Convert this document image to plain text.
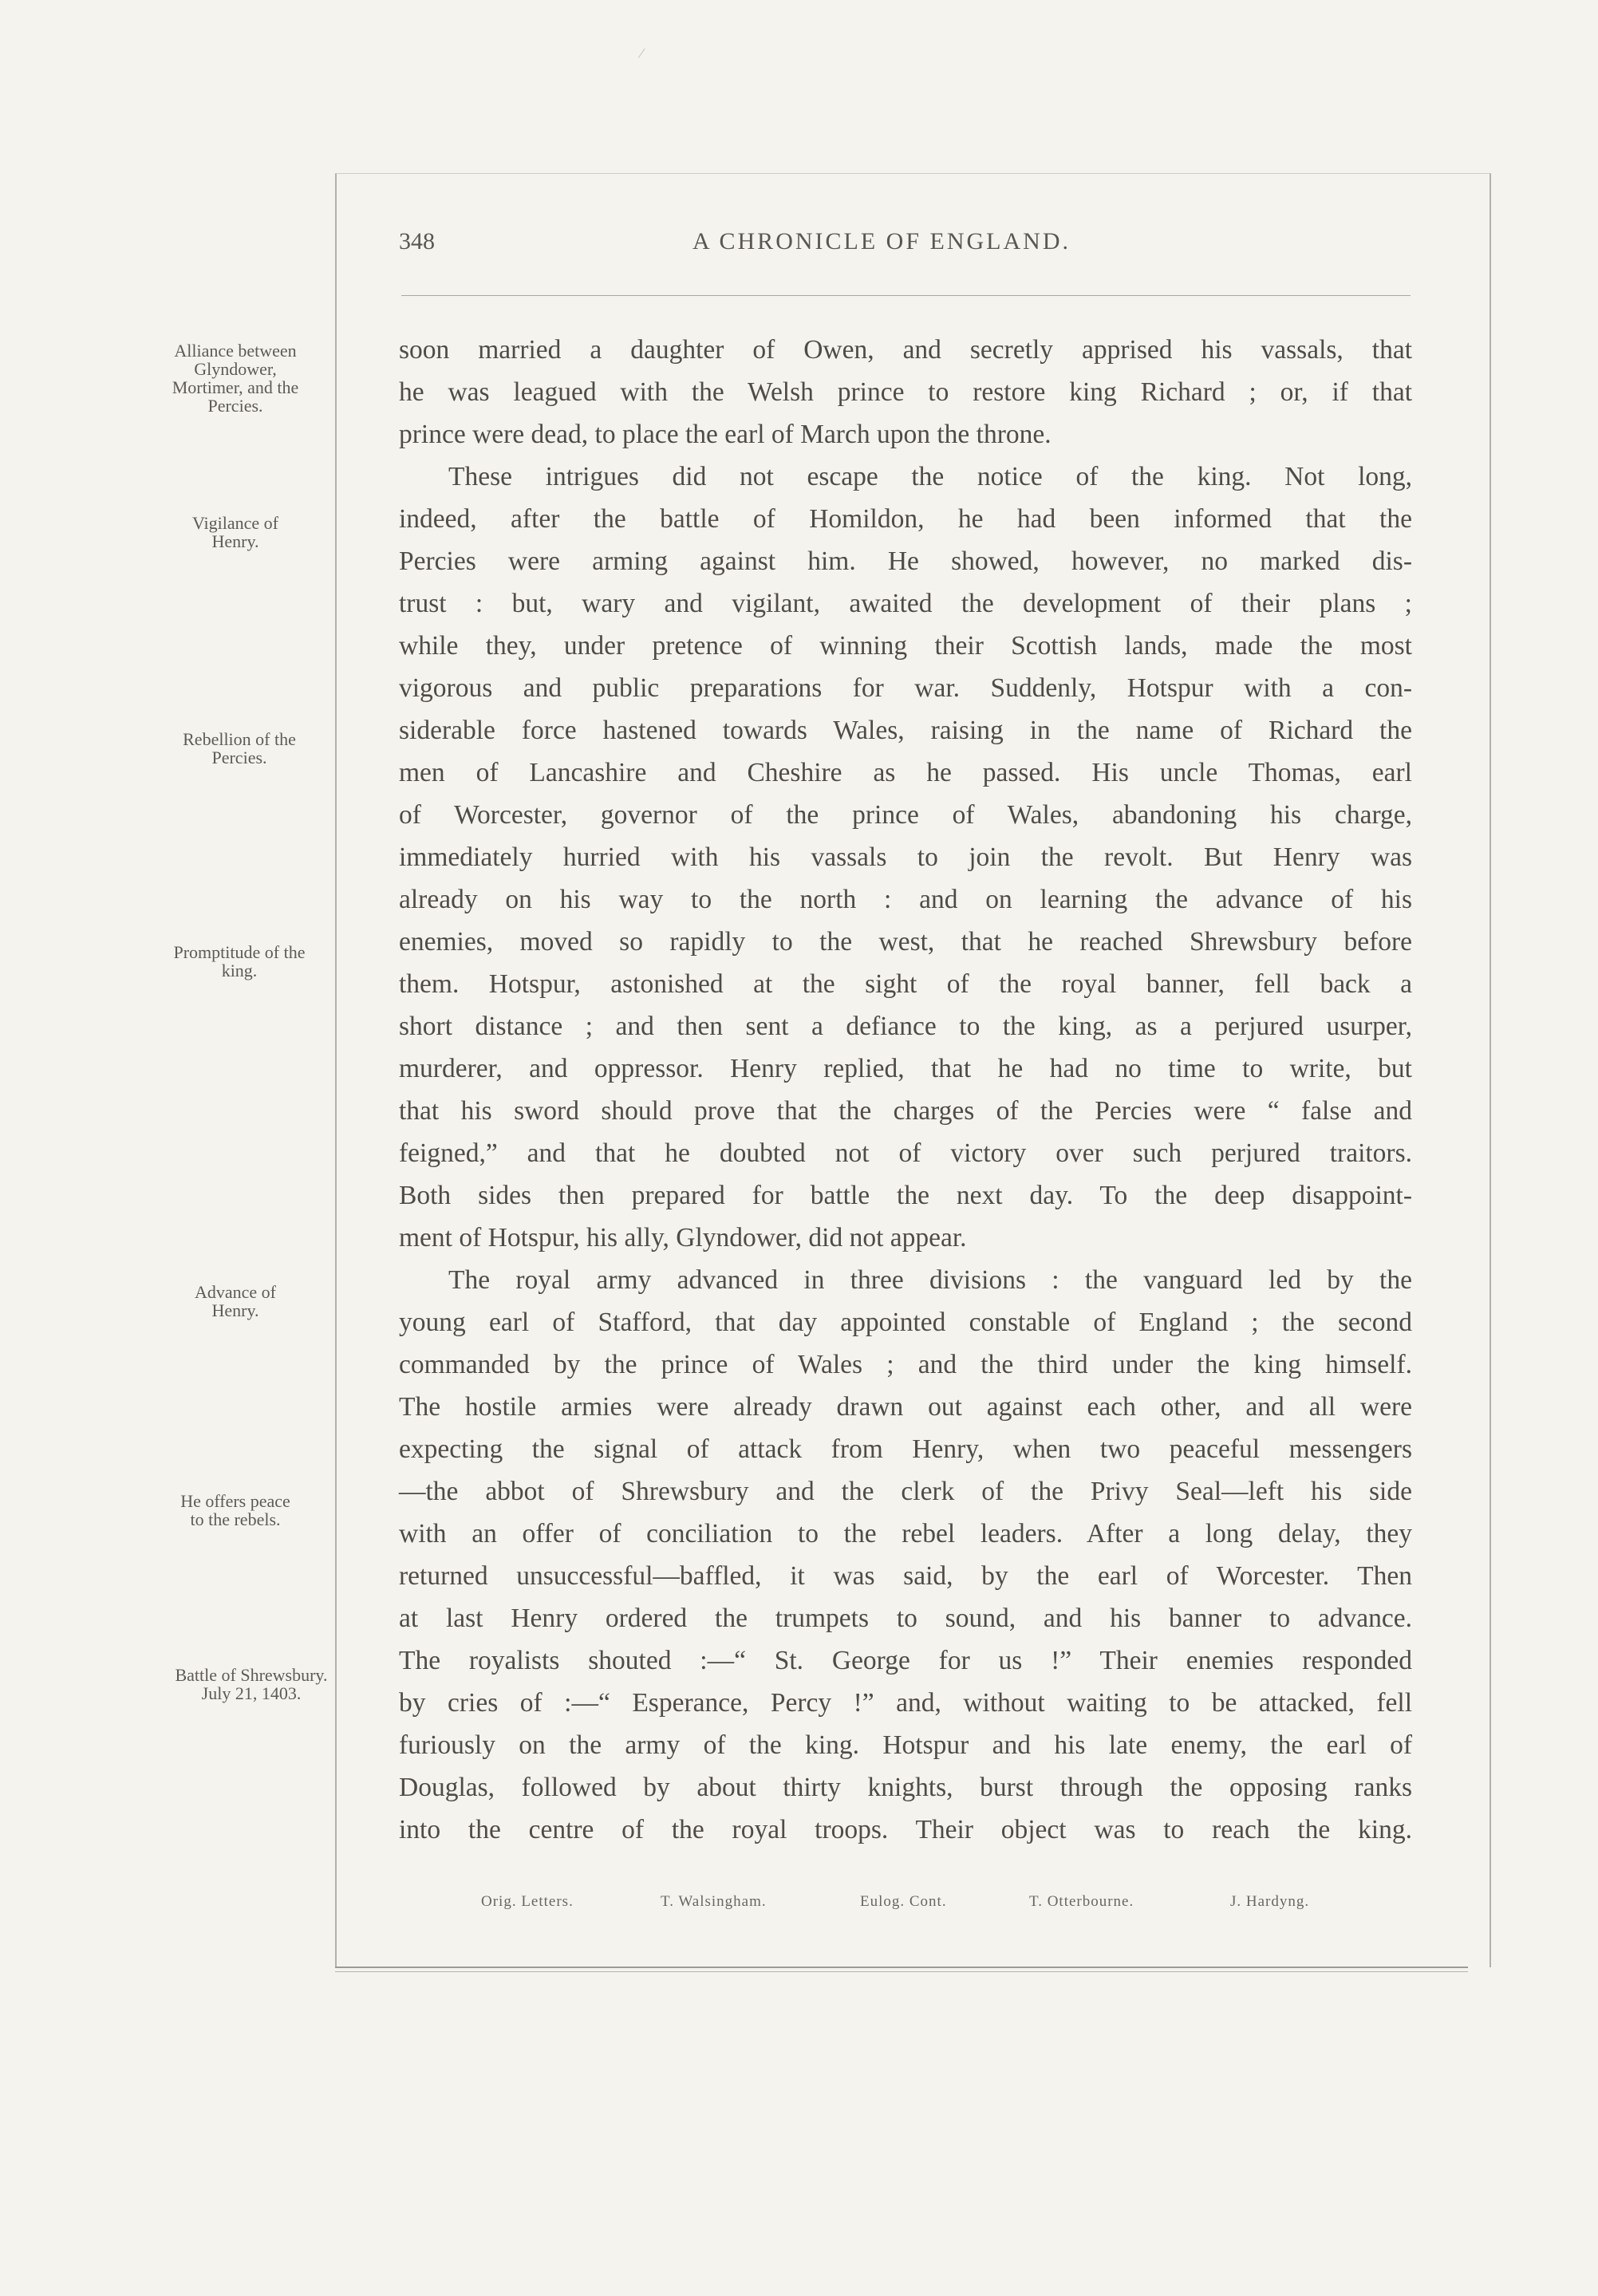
348	A CHRONICLE OF ENGLAND.
Alliance between Glyndower, Mortimer, and the Percies.
Vigilance of Henry.
Rebellion of the Percies.
Promptitude of the king.
Advance of Henry.
He offers peace to the rebels.
Battle of Shrewsbury. July 21, 1403.
soon married a daughter of Owen, and secretly apprised his vassals, that
he was leagued with the Welsh prince to restore king Richard ; or, if that
prince were dead, to place the earl of March upon the throne.
These intrigues did not escape the notice of the king. Not long,
indeed, after the battle of Homildon, he had been informed that the
Percies were arming against him. He showed, however, no marked dis-
trust : but, wary and vigilant, awaited the development of their plans ;
while they, under pretence of winning their Scottish lands, made the most
vigorous and public preparations for war. Suddenly, Hotspur with a con-
siderable force hastened towards Wales, raising in the name of Richard the
men of Lancashire and Cheshire as he passed. His uncle Thomas, earl
of Worcester, governor of the prince of Wales, abandoning his charge,
immediately hurried with his vassals to join the revolt. But Henry was
already on his way to the north : and on learning the advance of his
enemies, moved so rapidly to the west, that he reached Shrewsbury before
them. Hotspur, astonished at the sight of the royal banner, fell back a
short distance ; and then sent a defiance to the king, as a perjured usurper,
murderer, and oppressor. Henry replied, that he had no time to write, but
that his sword should prove that the charges of the Percies were “ false and
feigned,” and that he doubted not of victory over such perjured traitors.
Both sides then prepared for battle the next day. To the deep disappoint-
ment of Hotspur, his ally, Glyndower, did not appear.
The royal army advanced in three divisions : the vanguard led by the
young earl of Stafford, that day appointed constable of England ; the second
commanded by the prince of Wales ; and the third under the king himself.
The hostile armies were already drawn out against each other, and all were
expecting the signal of attack from Henry, when two peaceful messengers
—the abbot of Shrewsbury and the clerk of the Privy Seal—left his side
with an offer of conciliation to the rebel leaders. After a long delay, they
returned unsuccessful—baffled, it was said, by the earl of Worcester. Then
at last Henry ordered the trumpets to sound, and his banner to advance.
The royalists shouted :—“ St. George for us !” Their enemies responded
by cries of :—“ Esperance, Percy !” and, without waiting to be attacked, fell
furiously on the army of the king. Hotspur and his late enemy, the earl of
Douglas, followed by about thirty knights, burst through the opposing ranks
into the centre of the royal troops. Their object was to reach the king.
Orig. Letters.	T. Walsingham.	Eulog. Cont.	T. Otterbourne.	J. Hardyng.
